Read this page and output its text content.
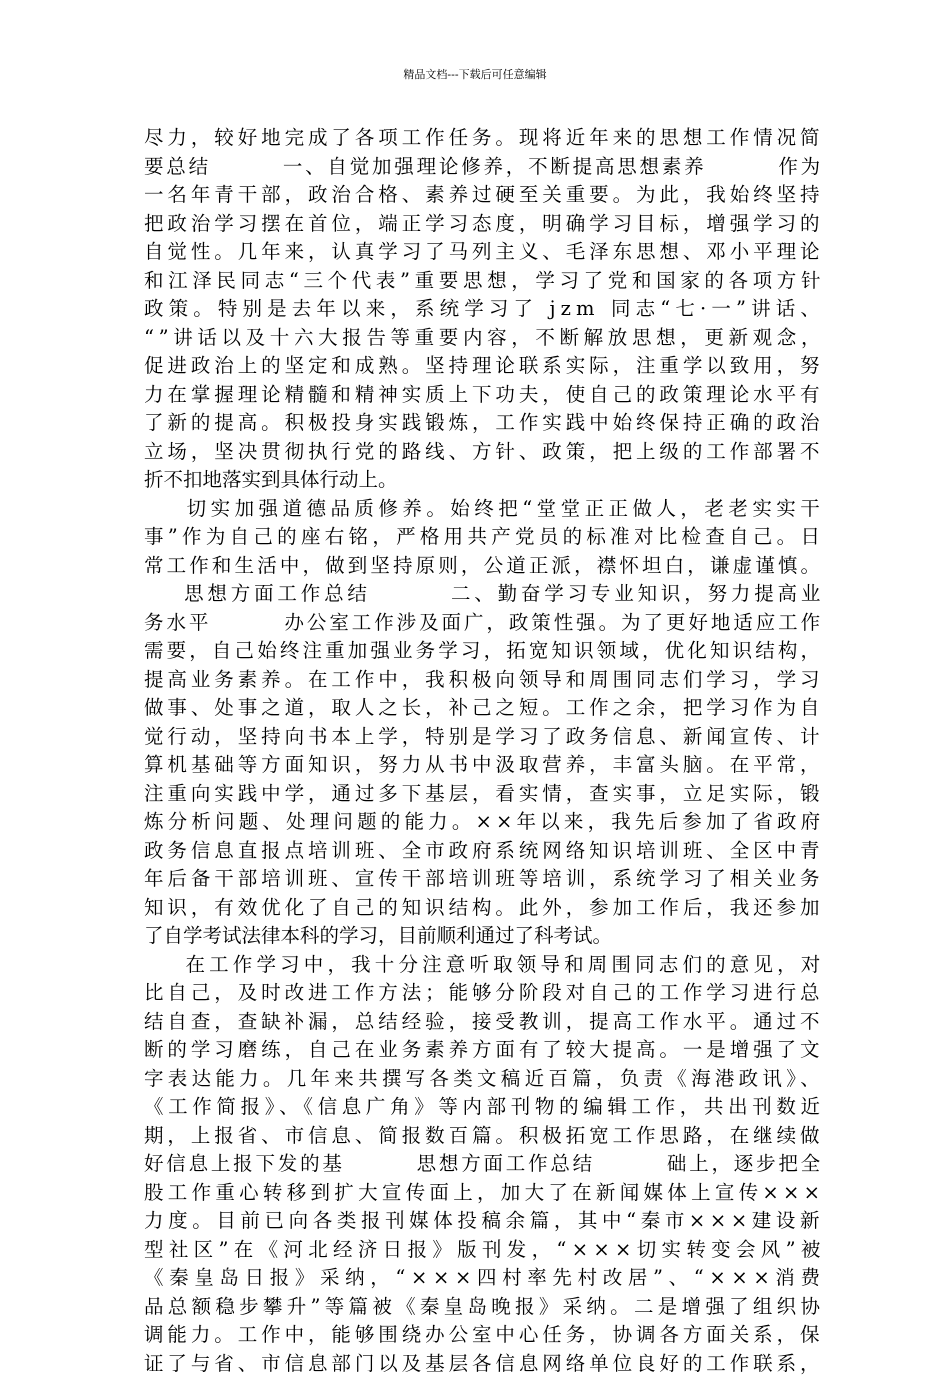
精品文档---下载后可任意编辑
尽力，较好地完成了各项工作任务。现将近年来的思想工作情况简
要总结        一、自觉加强理论修养，不断提高思想素养        作为
一名年青干部，政治合格、素养过硬至关重要。为此，我始终坚持
把政治学习摆在首位，端正学习态度，明确学习目标，增强学习的
自觉性。几年来，认真学习了马列主义、毛泽东思想、邓小平理论
和江泽民同志“三个代表”重要思想，学习了党和国家的各项方针
政策。特别是去年以来，系统学习了 jzm 同志“七·一”讲话、
“”讲话以及十六大报告等重要内容，不断解放思想，更新观念，
促进政治上的坚定和成熟。坚持理论联系实际，注重学以致用，努
力在掌握理论精髓和精神实质上下功夫，使自己的政策理论水平有
了新的提高。积极投身实践锻炼，工作实践中始终保持正确的政治
立场，坚决贯彻执行党的路线、方针、政策，把上级的工作部署不
折不扣地落实到具体行动上。
切实加强道德品质修养。始终把“堂堂正正做人，老老实实干
事”作为自己的座右铭，严格用共产党员的标准对比检查自己。日
常工作和生活中，做到坚持原则，公道正派，襟怀坦白，谦虚谨慎。
思想方面工作总结        二、勤奋学习专业知识，努力提高业
务水平        办公室工作涉及面广，政策性强。为了更好地适应工作
需要，自己始终注重加强业务学习，拓宽知识领域，优化知识结构，
提高业务素养。在工作中，我积极向领导和周围同志们学习，学习
做事、处事之道，取人之长，补己之短。工作之余，把学习作为自
觉行动，坚持向书本上学，特别是学习了政务信息、新闻宣传、计
算机基础等方面知识，努力从书中汲取营养，丰富头脑。在平常，
注重向实践中学，通过多下基层，看实情，查实事，立足实际，锻
炼分析问题、处理问题的能力。××年以来，我先后参加了省政府
政务信息直报点培训班、全市政府系统网络知识培训班、全区中青
年后备干部培训班、宣传干部培训班等培训，系统学习了相关业务
知识，有效优化了自己的知识结构。此外，参加工作后，我还参加
了自学考试法律本科的学习，目前顺利通过了科考试。
在工作学习中，我十分注意听取领导和周围同志们的意见，对
比自己，及时改进工作方法；能够分阶段对自己的工作学习进行总
结自查，查缺补漏，总结经验，接受教训，提高工作水平。通过不
断的学习磨练，自己在业务素养方面有了较大提高。一是增强了文
字表达能力。几年来共撰写各类文稿近百篇，负责《海港政讯》、
《工作简报》、《信息广角》等内部刊物的编辑工作，共出刊数近
期，上报省、市信息、简报数百篇。积极拓宽工作思路，在继续做
好信息上报下发的基        思想方面工作总结        础上，逐步把全
股工作重心转移到扩大宣传面上，加大了在新闻媒体上宣传×××
力度。目前已向各类报刊媒体投稿余篇，其中“秦市×××建设新
型社区”在《河北经济日报》版刊发，“×××切实转变会风”被
《秦皇岛日报》采纳，“×××四村率先村改居”、“×××消费
品总额稳步攀升”等篇被《秦皇岛晚报》采纳。二是增强了组织协
调能力。工作中，能够围绕办公室中心任务，协调各方面关系，保
证了与省、市信息部门以及基层各信息网络单位良好的工作联系，
